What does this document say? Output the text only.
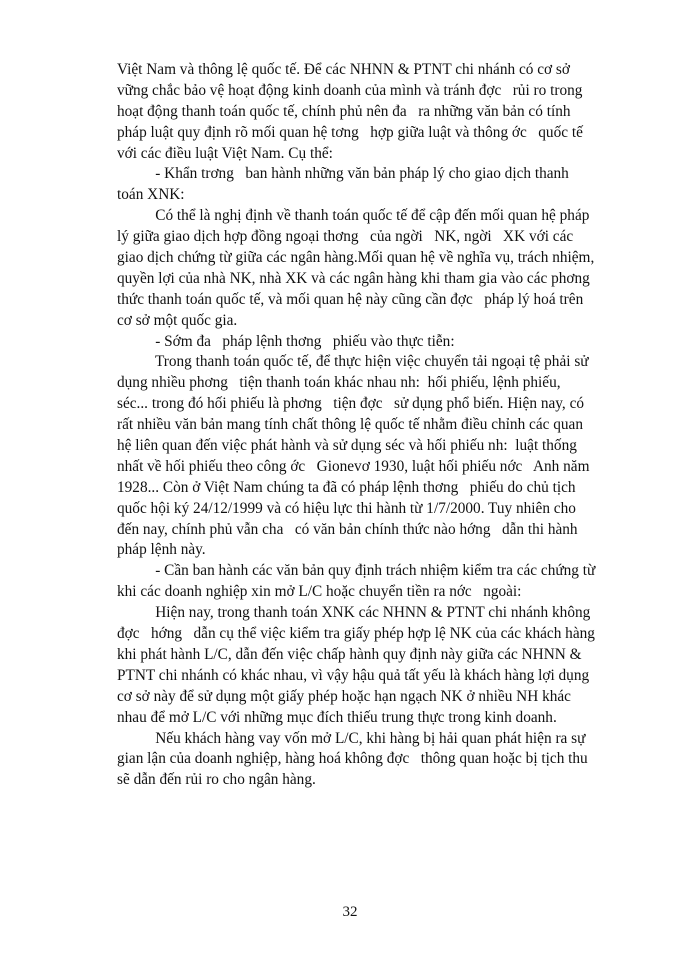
Việt Nam và thông lệ quốc tế. Để các NHNN & PTNT chi nhánh có cơ sở
vững chắc bảo vệ hoạt động kinh doanh của mình và tránh đợc   rủi ro trong
hoạt động thanh toán quốc tế, chính phủ nên đa   ra những văn bản có tính
pháp luật quy định rõ mối quan hệ tơng   hợp giữa luật và thông ớc   quốc tế
với các điều luật Việt Nam. Cụ thể:
- Khẩn trơng   ban hành những văn bản pháp lý cho giao dịch thanh
toán XNK:
Có thể là nghị định về thanh toán quốc tế để cập đến mối quan hệ pháp
lý giữa giao dịch hợp đồng ngoại thơng   của ngời   NK, ngời   XK với các
giao dịch chứng từ giữa các ngân hàng.Mối quan hệ về nghĩa vụ, trách nhiệm,
quyền lợi của nhà NK, nhà XK và các ngân hàng khi tham gia vào các phơng
thức thanh toán quốc tế, và mối quan hệ này cũng cần đợc   pháp lý hoá trên
cơ sở một quốc gia.
- Sớm đa   pháp lệnh thơng   phiếu vào thực tiễn:
Trong thanh toán quốc tế, để thực hiện việc chuyển tải ngoại tệ phải sử
dụng nhiều phơng   tiện thanh toán khác nhau nh:  hối phiếu, lệnh phiếu,
séc... trong đó hối phiếu là phơng   tiện đợc   sử dụng phổ biến. Hiện nay, có
rất nhiều văn bản mang tính chất thông lệ quốc tế nhằm điều chỉnh các quan
hệ liên quan đến việc phát hành và sử dụng séc và hối phiếu nh:  luật thống
nhất về hối phiếu theo công ớc   Gionevơ 1930, luật hối phiếu nớc   Anh năm
1928... Còn ở Việt Nam chúng ta đã có pháp lệnh thơng   phiếu do chủ tịch
quốc hội ký 24/12/1999 và có hiệu lực thi hành từ 1/7/2000. Tuy nhiên cho
đến nay, chính phủ vẫn cha   có văn bản chính thức nào hớng   dẫn thi hành
pháp lệnh này.
- Cần ban hành các văn bản quy định trách nhiệm kiểm tra các chứng từ
khi các doanh nghiệp xin mở L/C hoặc chuyển tiền ra nớc   ngoài:
Hiện nay, trong thanh toán XNK các NHNN & PTNT chi nhánh không
đợc   hớng   dẫn cụ thể việc kiểm tra giấy phép hợp lệ NK của các khách hàng
khi phát hành L/C, dẫn đến việc chấp hành quy định này giữa các NHNN &
PTNT chi nhánh có khác nhau, vì vậy hậu quả tất yếu là khách hàng lợi dụng
cơ sở này để sử dụng một giấy phép hoặc hạn ngạch NK ở nhiều NH khác
nhau để mở L/C với những mục đích thiếu trung thực trong kinh doanh.
Nếu khách hàng vay vốn mở L/C, khi hàng bị hải quan phát hiện ra sự
gian lận của doanh nghiệp, hàng hoá không đợc   thông quan hoặc bị tịch thu
sẽ dẫn đến rủi ro cho ngân hàng.
32
